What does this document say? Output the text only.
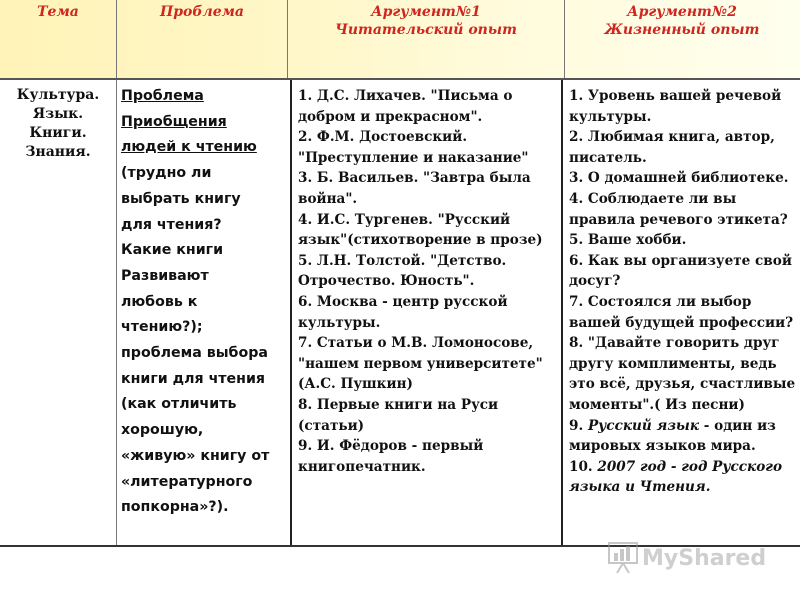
Тема	Проблема	Аргумент№1
Читательский опыт
Аргумент№2
Жизненный опыт
Культура.
Язык.
Книги.
Знания.
Проблема
Приобщения
людей к чтению
(трудно ли
выбрать книгу
для чтения?
Какие книги
Развивают
любовь к
чтению?);
проблема выбора
книги для чтения
(как отличить
хорошую,
«живую» книгу от
«литературного
попкорна»?).
1. Д.С. Лихачев. "Письма о
добром и прекрасном".
2. Ф.М. Достоевский.
"Преступление и наказание"
3. Б. Васильев. "Завтра была
война".
4. И.С. Тургенев. "Русский
язык"(стихотворение в прозе)
5. Л.Н. Толстой. "Детство.
Отрочество. Юность".
6. Москва - центр русской
культуры.
7. Статьи о М.В. Ломоносове,
"нашем первом университете"
(А.С. Пушкин)
8. Первые книги на Руси
(статьи)
9. И. Фёдоров - первый
книгопечатник.
1. Уровень вашей речевой
культуры.
2. Любимая книга, автор,
писатель.
3. О домашней библиотеке.
4. Соблюдаете ли вы
правила речевого этикета?
5. Ваше хобби.
6. Как вы организуете свой
досуг?
7. Состоялся ли выбор
вашей будущей профессии?
8. "Давайте говорить друг
другу комплименты, ведь
это всё, друзья, счастливые
моменты".( Из песни)
9. Русский язык - один из
мировых языков мира.
10. 2007 год - год Русского
языка и Чтения.
MyShared
